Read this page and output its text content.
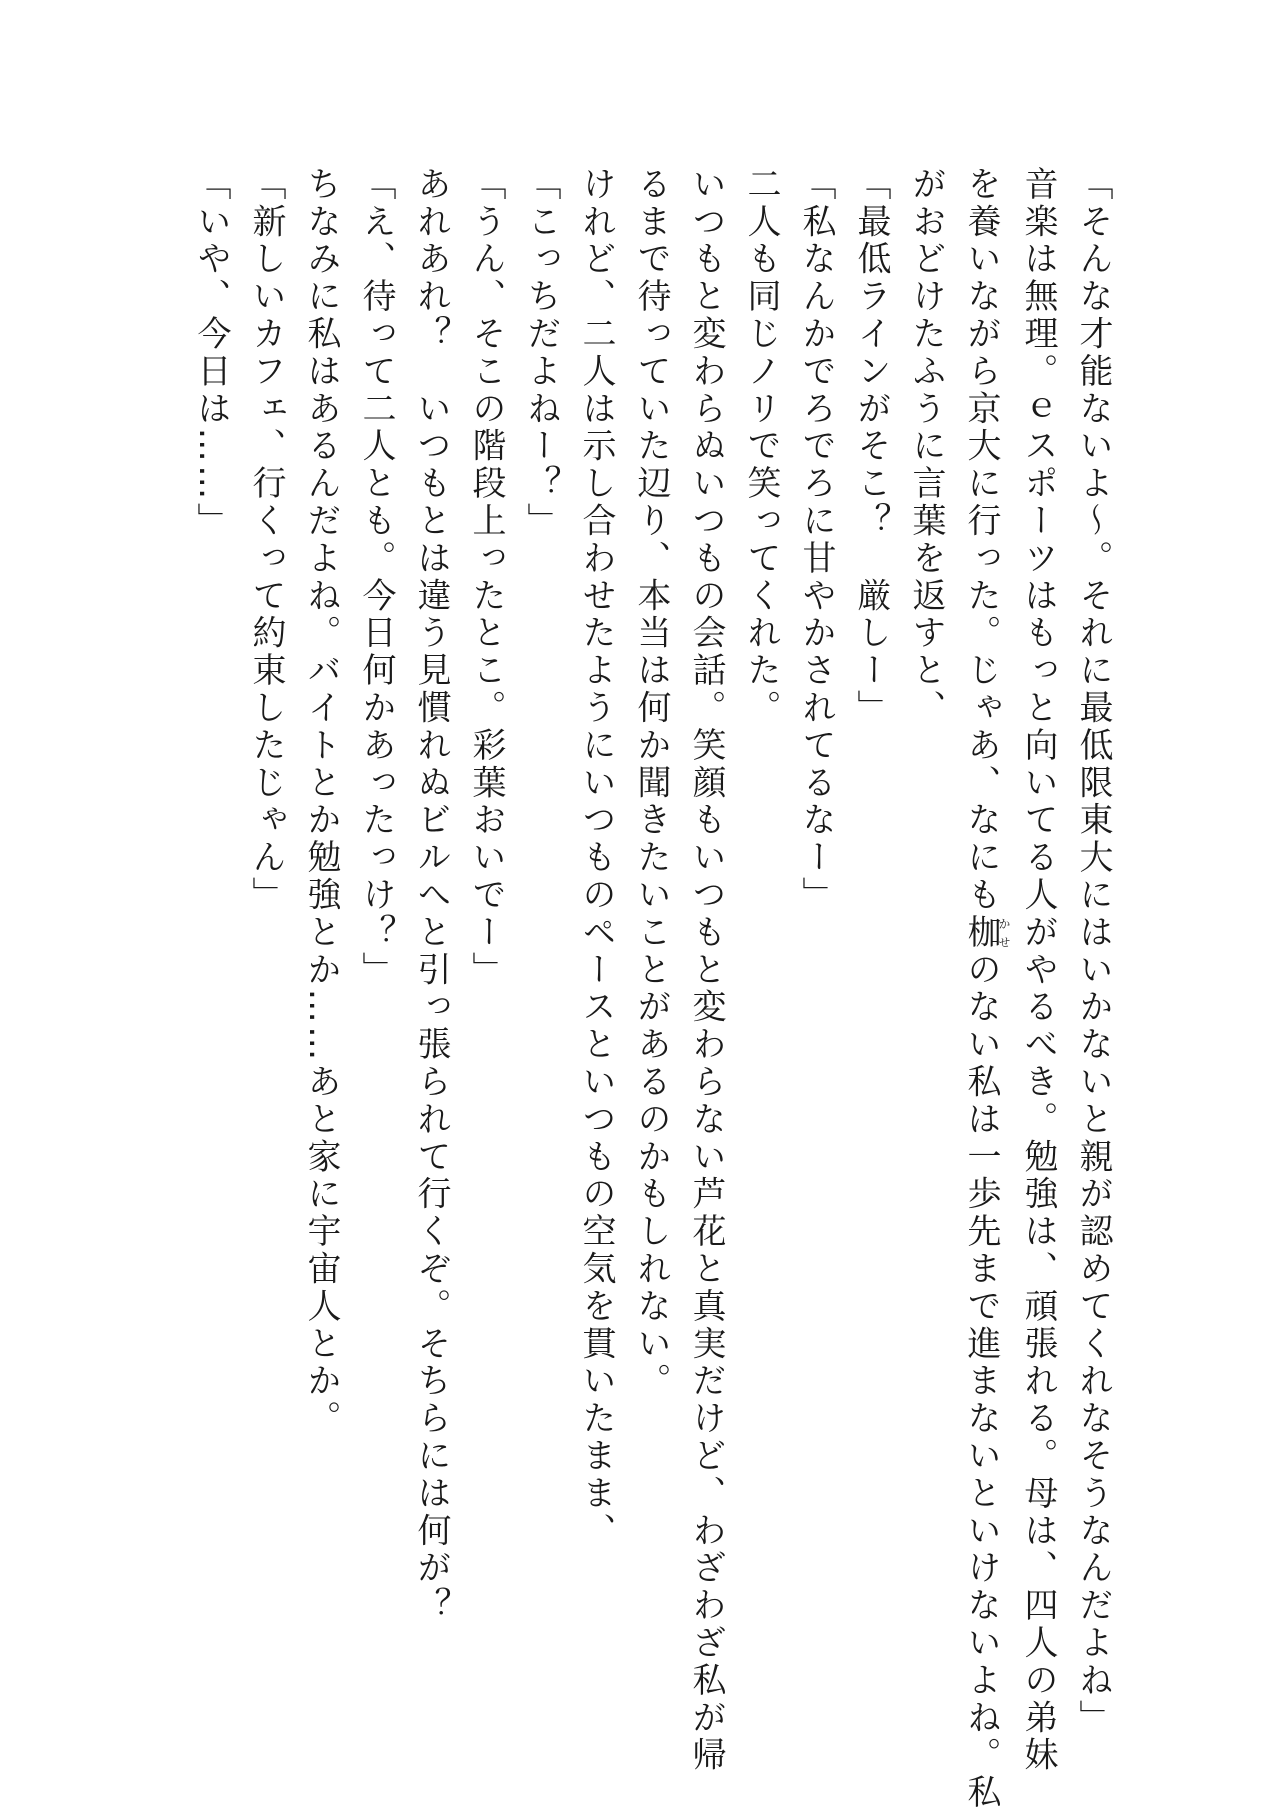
「そんな才能ないよ～。それに最低限東大にはいかないと親が認めてくれなそうなんだよね」
音楽は無理。ｅスポーツはもっと向いてる人がやるべき。勉強は、頑張れる。母は、四人の弟妹
を養いながら京大に行った。じゃあ、なにも枷かせのない私は一歩先まで進まないといけないよね。私
がおどけたふうに言葉を返すと、
「最低ラインがそこ？　厳しー」
「私なんかでろでろに甘やかされてるなー」
二人も同じノリで笑ってくれた。
いつもと変わらぬいつもの会話。笑顔もいつもと変わらない芦花と真実だけど、わざわざ私が帰
るまで待っていた辺り、本当は何か聞きたいことがあるのかもしれない。
けれど、二人は示し合わせたようにいつものペースといつもの空気を貫いたまま、
「こっちだよねー？」
「うん、そこの階段上ったとこ。彩葉おいでー」
あれあれ？　いつもとは違う見慣れぬビルへと引っ張られて行くぞ。そちらには何が？
「え、待って二人とも。今日何かあったっけ？」
ちなみに私はあるんだよね。バイトとか勉強とか……あと家に宇宙人とか。
「新しいカフェ、行くって約束したじゃん」
「いや、今日は……」
